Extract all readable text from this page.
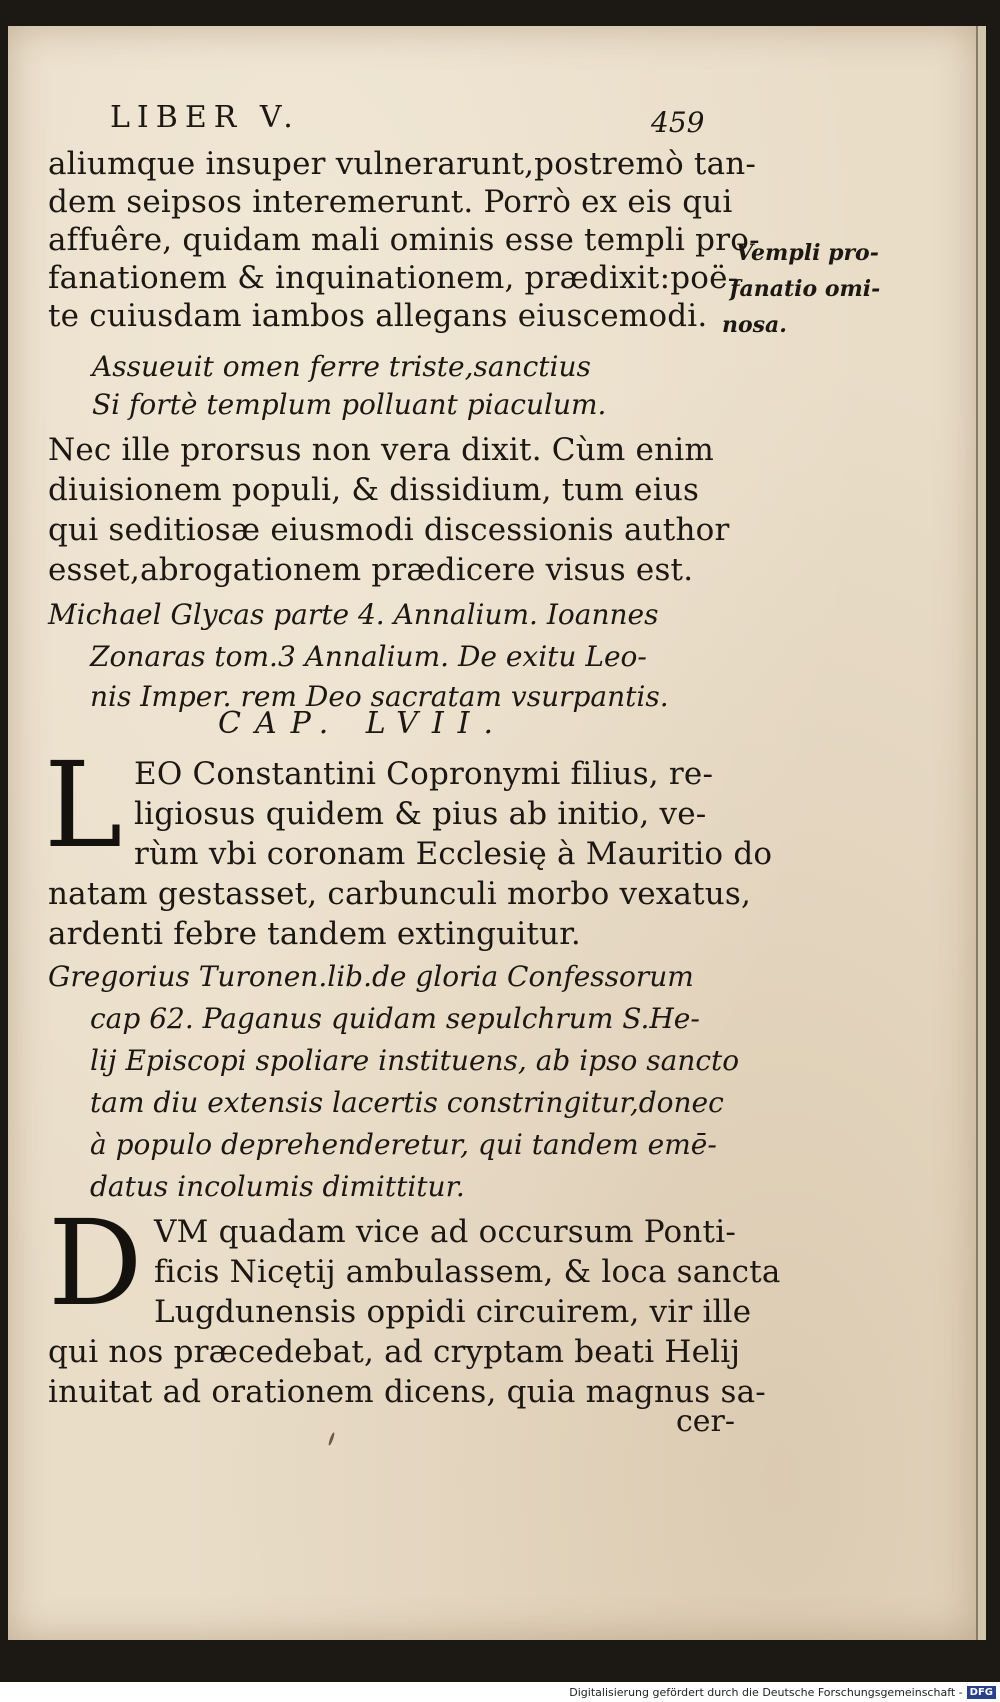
LIBER V.	459
aliumque insuper vulnerarunt,postremò tan-
dem seipsos interemerunt. Porrò ex eis qui
affuêre, quidam mali ominis esse templi pro-
fanationem & inquinationem, prædixit:poë-
te cuiusdam iambos allegans eiuscemodi.
Vempli pro-
fanatio omi-
nosa.
Assueuit omen ferre triste,sanctius
Si fortè templum polluant piaculum.
Nec ille prorsus non vera dixit. Cùm enim
diuisionem populi, & dissidium, tum eius
qui seditiosæ eiusmodi discessionis author
esset,abrogationem prædicere visus est.
Michael Glycas parte 4. Annalium. Ioannes
Zonaras tom.3 Annalium. De exitu Leo-
nis Imper. rem Deo sacratam vsurpantis.
CAP. LVII.
L EO Constantini Copronymi filius, re-
ligiosus quidem & pius ab initio, ve-
rùm vbi coronam Ecclesię à Mauritio do
natam gestasset, carbunculi morbo vexatus,
ardenti febre tandem extinguitur.
Gregorius Turonen.lib.de gloria Confessorum
cap 62. Paganus quidam sepulchrum S.He-
lij Episcopi spoliare instituens, ab ipso sancto
tam diu extensis lacertis constringitur,donec
à populo deprehenderetur, qui tandem emē-
datus incolumis dimittitur.
D VM quadam vice ad occursum Ponti-
ficis Nicętij ambulassem, & loca sancta
Lugdunensis oppidi circuirem, vir ille
qui nos præcedebat, ad cryptam beati Helij
inuitat ad orationem dicens, quia magnus sa-
cer-
Digitalisierung gefördert durch die Deutsche Forschungsgemeinschaft - DFG
